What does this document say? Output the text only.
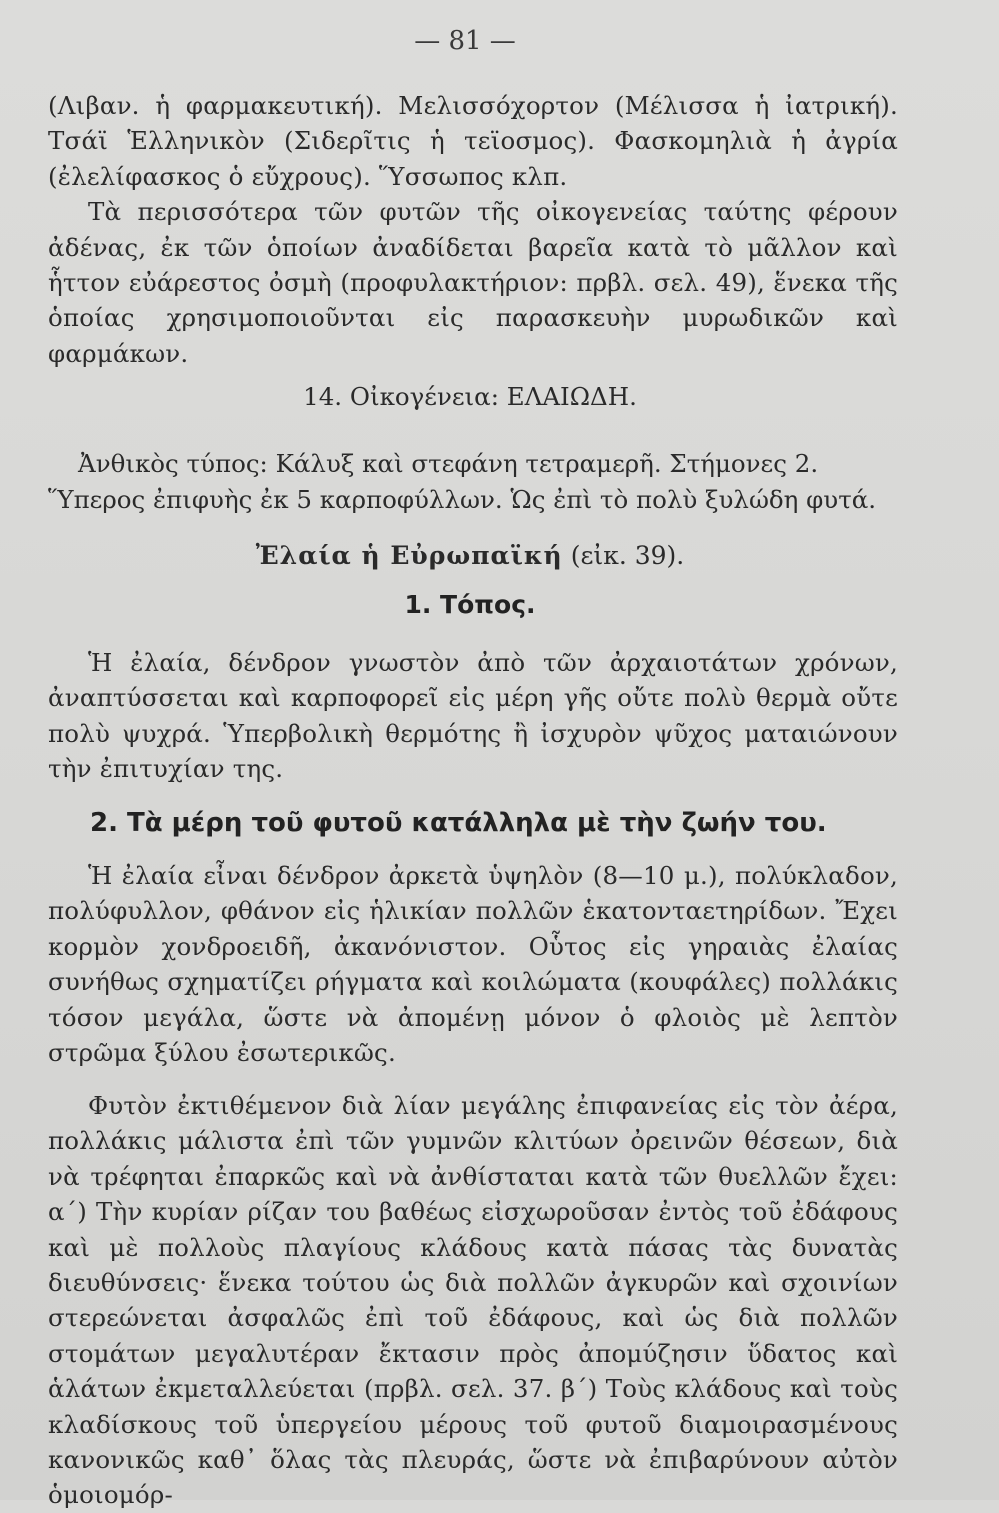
— 81 —

(Λιβαν. ἡ φαρμακευτική). Μελισσόχορτον (Μέλισσα ἡ ἰατρική). Τσάϊ Ἑλληνικὸν (Σιδερῖτις ἡ τεϊοσμος). Φασκομηλιὰ ἡ ἀγρία (ἐλελίφασκος ὁ εὔχρους). Ὕσσωπος κλπ.

Τὰ περισσότερα τῶν φυτῶν τῆς οἰκογενείας ταύτης φέρουν ἀδένας, ἐκ τῶν ὁποίων ἀναδίδεται βαρεῖα κατὰ τὸ μᾶλλον καὶ ἧττον εὐάρεστος ὀσμὴ (προφυλακτήριον: πρβλ. σελ. 49), ἕνεκα τῆς ὁποίας χρησιμοποιοῦνται εἰς παρασκευὴν μυρωδικῶν καὶ φαρμάκων.

14. Οἰκογένεια: ΕΛΑΙΩΔΗ.

Ἀνθικὸς τύπος: Κάλυξ καὶ στεφάνη τετραμερῆ. Στήμονες 2.

Ὕπερος ἐπιφυὴς ἐκ 5 καρποφύλλων. Ὡς ἐπὶ τὸ πολὺ ξυλώδη φυτά.

Ἐλαία ἡ Εὐρωπαϊκή (εἰκ. 39).
1. Τόπος.

Ἡ ἐλαία, δένδρον γνωστὸν ἀπὸ τῶν ἀρχαιοτάτων χρόνων, ἀναπτύσσεται καὶ καρποφορεῖ εἰς μέρη γῆς οὔτε πολὺ θερμὰ οὔτε πολὺ ψυχρά. Ὑπερβολικὴ θερμότης ἢ ἰσχυρὸν ψῦχος ματαιώνουν τὴν ἐπιτυχίαν της.

2. Τὰ μέρη τοῦ φυτοῦ κατάλληλα μὲ τὴν ζωήν του.

Ἡ ἐλαία εἶναι δένδρον ἀρκετὰ ὑψηλὸν (8—10 μ.), πολύκλαδον, πολύφυλλον, φθάνον εἰς ἡλικίαν πολλῶν ἑκατονταετηρίδων. Ἔχει κορμὸν χονδροειδῆ, ἀκανόνιστον. Οὗτος εἰς γηραιὰς ἐλαίας συνήθως σχηματίζει ρήγματα καὶ κοιλώματα (κουφάλες) πολλάκις τόσον μεγάλα, ὥστε νὰ ἀπομένῃ μόνον ὁ φλοιὸς μὲ λεπτὸν στρῶμα ξύλου ἐσωτερικῶς.

Φυτὸν ἐκτιθέμενον διὰ λίαν μεγάλης ἐπιφανείας εἰς τὸν ἀέρα, πολλάκις μάλιστα ἐπὶ τῶν γυμνῶν κλιτύων ὀρεινῶν θέσεων, διὰ νὰ τρέφηται ἐπαρκῶς καὶ νὰ ἀνθίσταται κατὰ τῶν θυελλῶν ἔχει: α΄) Τὴν κυρίαν ρίζαν του βαθέως εἰσχωροῦσαν ἐντὸς τοῦ ἐδάφους καὶ μὲ πολλοὺς πλαγίους κλάδους κατὰ πάσας τὰς δυνατὰς διευθύνσεις· ἕνεκα τούτου ὡς διὰ πολλῶν ἀγκυρῶν καὶ σχοινίων στερεώνεται ἀσφαλῶς ἐπὶ τοῦ ἐδάφους, καὶ ὡς διὰ πολλῶν στομάτων μεγαλυτέραν ἔκτασιν πρὸς ἀπομύζησιν ὕδατος καὶ ἁλάτων ἐκμεταλλεύεται (πρβλ. σελ. 37. β΄) Τοὺς κλάδους καὶ τοὺς κλαδίσκους τοῦ ὑπεργείου μέρους τοῦ φυτοῦ διαμοιρασμένους κανονικῶς καθ᾽ ὅλας τὰς πλευράς, ὥστε νὰ ἐπιβαρύνουν αὐτὸν ὁμοιομόρ-
